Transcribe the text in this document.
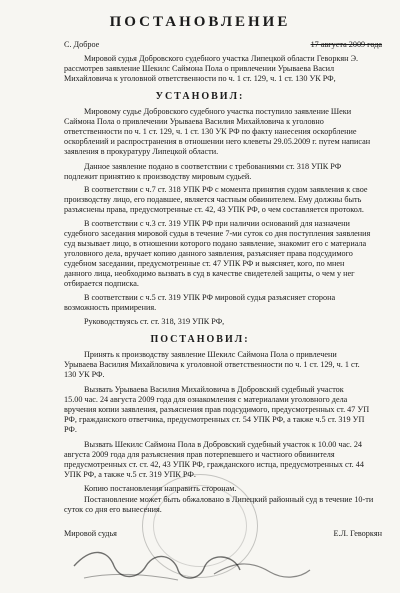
ПОСТАНОВЛЕНИЕ
С. Доброе	17 августа 2009 года
Мировой судья Добровского судебного участка Липецкой области Геворкян Э.
рассмотрев заявление Шекилс Саймона Пола о привлечении Урываева Васил
Михайловича к уголовной ответственности по ч. 1 ст. 129, ч. 1 ст. 130 УК РФ,
УСТАНОВИЛ:
Мировому судье Добровского судебного участка поступило заявление Шеки
Саймона Пола о привлечении Урываева Василия Михайловича к уголовно
ответственности по ч. 1 ст. 129, ч. 1 ст. 130 УК РФ по факту нанесения оскорбление
оскорблений и распространения в отношении него клеветы 29.05.2009 г. путем написан
заявления в прокуратуру Липецкой области.
Данное заявление подано в соответствии с требованиями ст. 318 УПК РФ
подлежит принятию к производству мировым судьей.
В соответствии с ч.7 ст. 318 УПК РФ с момента принятия судом заявления к свое
производству лицо, его подавшее, является частным обвинителем. Ему должны быть
разъяснены права, предусмотренные ст. 42, 43 УПК РФ, о чем составляется протокол.
В соответствии с ч.3 ст. 319 УПК РФ при наличии оснований для назначени
судебного заседания мировой судья в течение 7-ми суток со дня поступления заявления
суд вызывает лицо, в отношении которого подано заявление, знакомит его с материала
уголовного дела, вручает копию данного заявления, разъясняет права подсудимого
судебном заседании, предусмотренные ст. 47 УПК РФ и выясняет, кого, по мнен
данного лица, необходимо вызвать в суд в качестве свидетелей защиты, о чем у нег
отбирается подписка.
В соответствии с ч.5 ст. 319 УПК РФ мировой судья разъясняет сторона
возможность примирения.
Руководствуясь ст. ст. 318, 319 УПК РФ,
ПОСТАНОВИЛ:
Принять к производству заявление Шекилс Саймона Пола о привлечени
Урываева Василия Михайловича к уголовной ответственности по ч. 1 ст. 129, ч. 1 ст.
130 УК РФ.
Вызвать Урываева Василия Михайловича в Добровский судебный участок
15.00 час. 24 августа 2009 года для ознакомления с материалами уголовного дела
вручения копии заявления, разъяснения прав подсудимого, предусмотренных ст. 47 УП
РФ, гражданского ответчика, предусмотренных ст. 54 УПК РФ, а также ч.5 ст. 319 УП
РФ.
Вызвать Шекилс Саймона Пола в Добровский судебный участок к 10.00 час. 24
августа 2009 года для разъяснения прав потерпевшего и частного обвинителя
предусмотренных ст. ст. 42, 43 УПК РФ, гражданского истца, предусмотренных ст. 44
УПК РФ, а также ч.5 ст. 319 УПК РФ.
Копию постановления направить сторонам.
Постановление может быть обжаловано в Липецкий районный суд в течение 10-ти
суток со дня его вынесения.
Мировой судья	Е.Л. Геворкян
